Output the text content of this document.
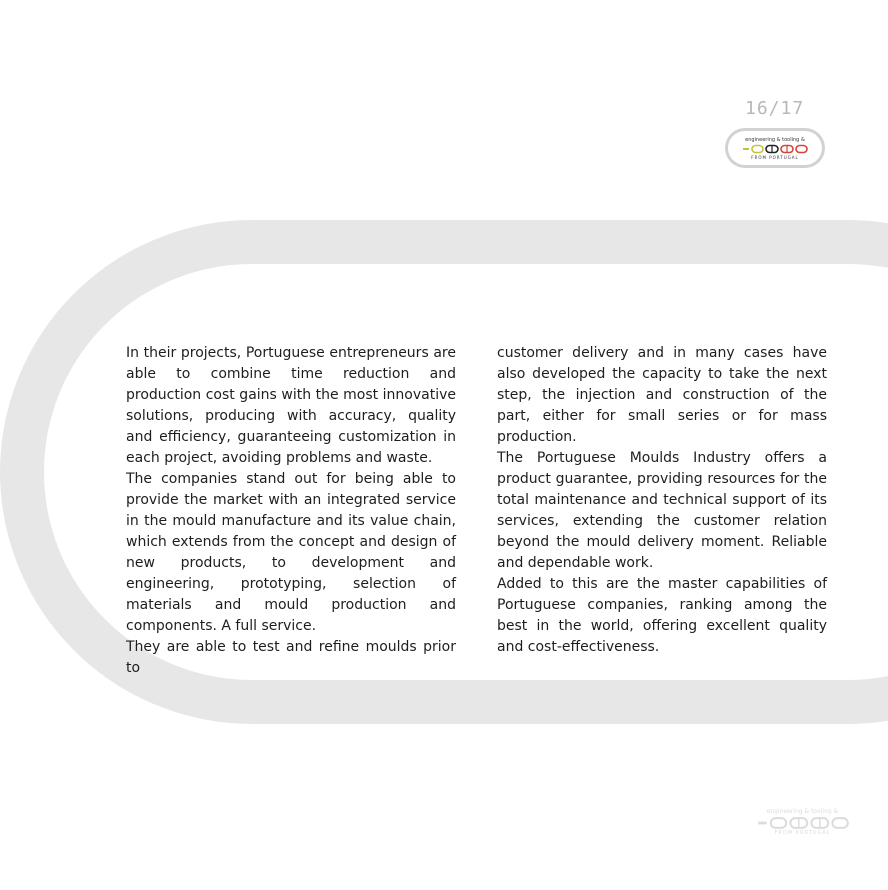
16/17
engineering & tooling &
FROM PORTUGAL

In their projects, Portuguese entrepreneurs are able to combine time reduction and production cost gains with the most innovative solutions, producing with accuracy, quality and efficiency, guaranteeing customization in each project, avoiding problems and waste.

The companies stand out for being able to provide the market with an integrated service in the mould manufacture and its value chain, which extends from the concept and design of new products, to development and engineering, prototyping, selection of materials and mould production and components. A full service.

They are able to test and refine moulds prior to

customer delivery and in many cases have also developed the capacity to take the next step, the injection and construction of the part, either for small series or for mass production.

The Portuguese Moulds Industry offers a product guarantee, providing resources for the total maintenance and technical support of its services, extending the customer relation beyond the mould delivery moment. Reliable and dependable work.

Added to this are the master capabilities of Portuguese companies, ranking among the best in the world, offering excellent quality and cost-effectiveness.

engineering & tooling &
FROM PORTUGAL
